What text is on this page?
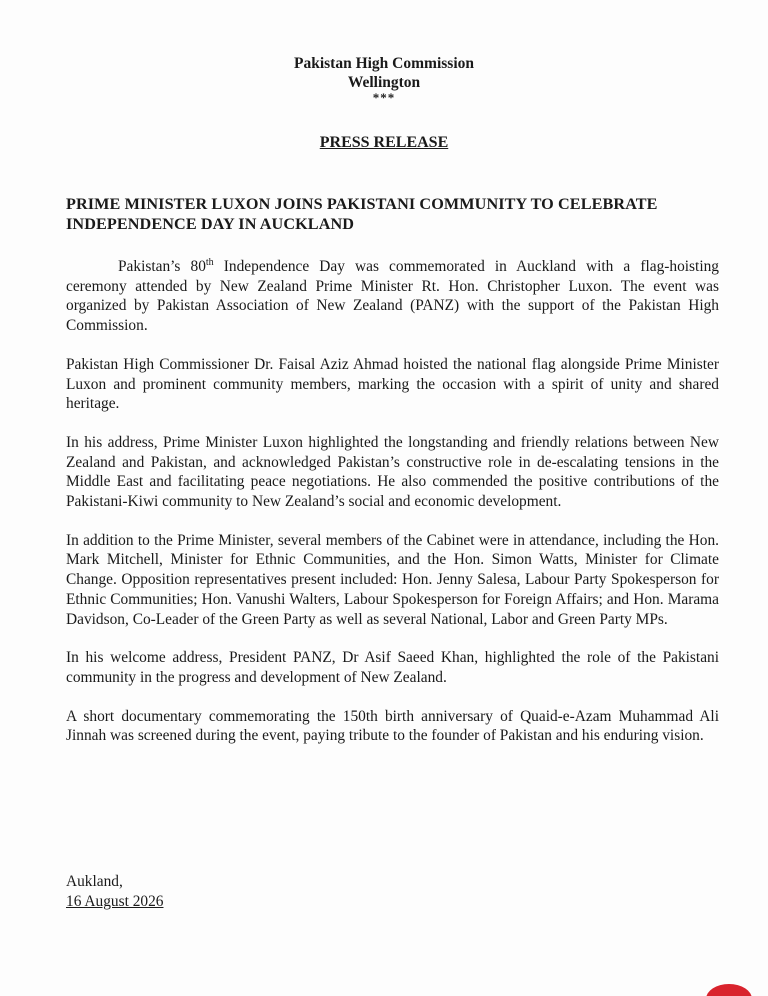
Pakistan High Commission
Wellington
***
PRESS RELEASE
PRIME MINISTER LUXON JOINS PAKISTANI COMMUNITY TO CELEBRATE INDEPENDENCE DAY IN AUCKLAND

Pakistan’s 80th Independence Day was commemorated in Auckland with a flag-hoisting ceremony attended by New Zealand Prime Minister Rt. Hon. Christopher Luxon. The event was organized by Pakistan Association of New Zealand (PANZ) with the support of the Pakistan High Commission.

Pakistan High Commissioner Dr. Faisal Aziz Ahmad hoisted the national flag alongside Prime Minister Luxon and prominent community members, marking the occasion with a spirit of unity and shared heritage.

In his address, Prime Minister Luxon highlighted the longstanding and friendly relations between New Zealand and Pakistan, and acknowledged Pakistan’s constructive role in de-escalating tensions in the Middle East and facilitating peace negotiations. He also commended the positive contributions of the Pakistani-Kiwi community to New Zealand’s social and economic development.

In addition to the Prime Minister, several members of the Cabinet were in attendance, including the Hon. Mark Mitchell, Minister for Ethnic Communities, and the Hon. Simon Watts, Minister for Climate Change. Opposition representatives present included: Hon. Jenny Salesa, Labour Party Spokesperson for Ethnic Communities; Hon. Vanushi Walters, Labour Spokesperson for Foreign Affairs; and Hon. Marama Davidson, Co-Leader of the Green Party as well as several National, Labor and Green Party MPs.

In his welcome address, President PANZ, Dr Asif Saeed Khan, highlighted the role of the Pakistani community in the progress and development of New Zealand.

A short documentary commemorating the 150th birth anniversary of Quaid-e-Azam Muhammad Ali Jinnah was screened during the event, paying tribute to the founder of Pakistan and his enduring vision.

Aukland,
16 August 2026
